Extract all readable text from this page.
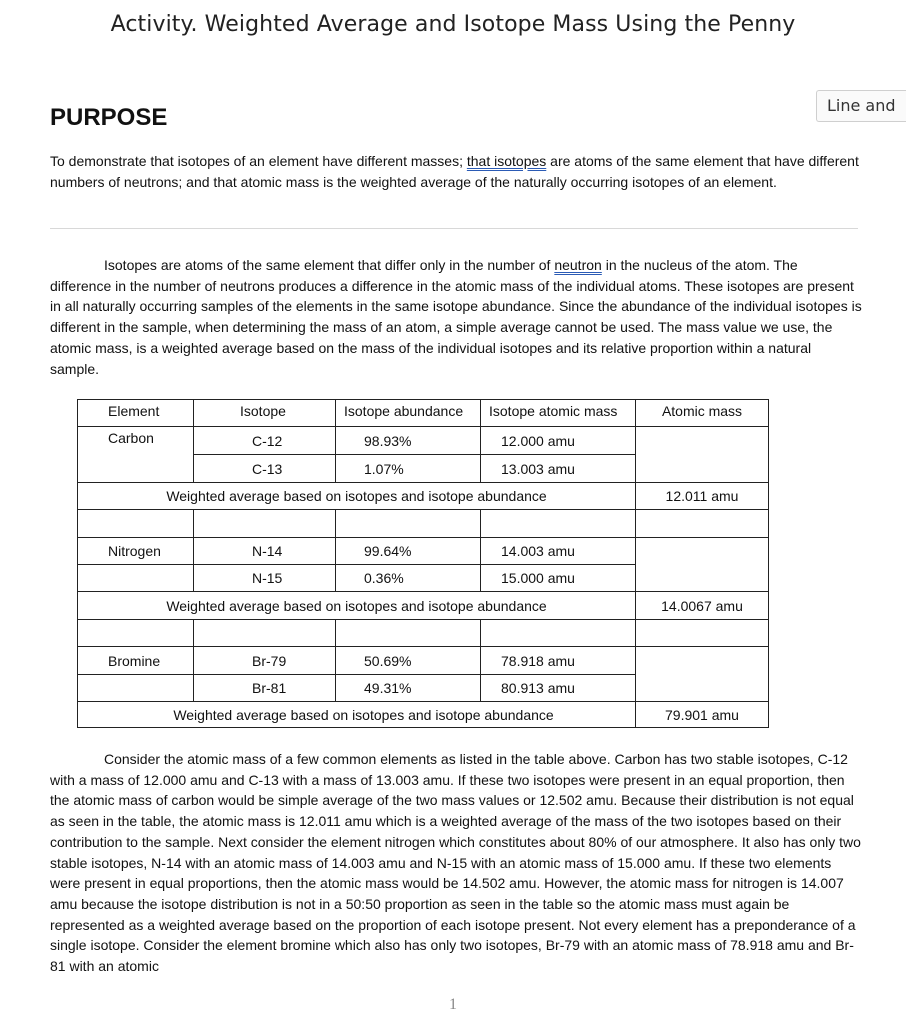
Activity. Weighted Average and Isotope Mass Using the Penny
Line and
PURPOSE
To demonstrate that isotopes of an element have different masses; that isotopes are atoms of the same element that have different numbers of neutrons; and that atomic mass is the weighted average of the naturally occurring isotopes of an element.
Isotopes are atoms of the same element that differ only in the number of neutron in the nucleus of the atom. The difference in the number of neutrons produces a difference in the atomic mass of the individual atoms. These isotopes are present in all naturally occurring samples of the elements in the same isotope abundance. Since the abundance of the individual isotopes is different in the sample, when determining the mass of an atom, a simple average cannot be used. The mass value we use, the atomic mass, is a weighted average based on the mass of the individual isotopes and its relative proportion within a natural sample.
Element	Isotope	Isotope abundance	Isotope atomic mass	Atomic mass
Carbon	C-12	98.93%	12.000 amu	
	C-13	1.07%	13.003 amu	
Weighted average based on isotopes and isotope abundance				12.011 amu

Nitrogen	N-14	99.64%	14.003 amu	
	N-15	0.36%	15.000 amu	
Weighted average based on isotopes and isotope abundance				14.0067 amu

Bromine	Br-79	50.69%	78.918 amu	
	Br-81	49.31%	80.913 amu	
Weighted average based on isotopes and isotope abundance				79.901 amu
Consider the atomic mass of a few common elements as listed in the table above. Carbon has two stable isotopes, C-12 with a mass of 12.000 amu and C-13 with a mass of 13.003 amu. If these two isotopes were present in an equal proportion, then the atomic mass of carbon would be simple average of the two mass values or 12.502 amu. Because their distribution is not equal as seen in the table, the atomic mass is 12.011 amu which is a weighted average of the mass of the two isotopes based on their contribution to the sample. Next consider the element nitrogen which constitutes about 80% of our atmosphere. It also has only two stable isotopes, N-14 with an atomic mass of 14.003 amu and N-15 with an atomic mass of 15.000 amu. If these two elements were present in equal proportions, then the atomic mass would be 14.502 amu. However, the atomic mass for nitrogen is 14.007 amu because the isotope distribution is not in a 50:50 proportion as seen in the table so the atomic mass must again be represented as a weighted average based on the proportion of each isotope present. Not every element has a preponderance of a single isotope. Consider the element bromine which also has only two isotopes, Br-79 with an atomic mass of 78.918 amu and Br-81 with an atomic
1
